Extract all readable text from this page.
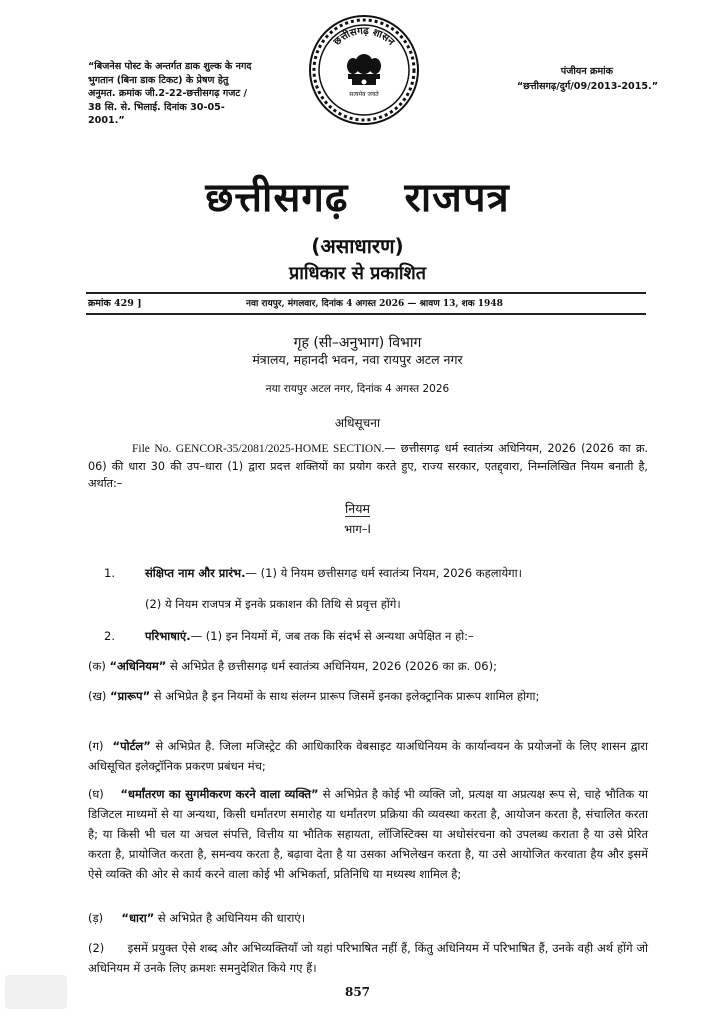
“बिजनेस पोस्ट के अन्तर्गत डाक शुल्क के नगद भुगतान (बिना डाक टिकट) के प्रेषण हेतु अनुमत. क्रमांक जी.2-22-छत्तीसगढ़ गजट / 38 सि. से. भिलाई. दिनांक 30-05-2001.”
पंजीयन क्रमांक
“छत्तीसगढ़/दुर्ग/09/2013-2015.”
छत्तीसगढ़ शासन
सत्यमेव जयते
छत्तीसगढ़ राजपत्र
(असाधारण)
प्राधिकार से प्रकाशित
क्रमांक 429 ]	नवा रायपुर, मंगलवार, दिनांक 4 अगस्त 2026 — श्रावण 13, शक 1948
गृह (सी–अनुभाग) विभाग
मंत्रालय, महानदी भवन, नवा रायपुर अटल नगर
नया रायपुर अटल नगर, दिनांक 4 अगस्त 2026
अधिसूचना
File No. GENCOR-35/2081/2025-HOME SECTION.— छत्तीसगढ़ धर्म स्वातंत्र्य अधिनियम, 2026 (2026 का क्र. 06) की धारा 30 की उप–धारा (1) द्वारा प्रदत्त शक्तियों का प्रयोग करते हुए, राज्य सरकार, एतद्द्वारा, निम्नलिखित नियम बनाती है, अर्थात:–
नियम
भाग–I
1.	संक्षिप्त नाम और प्रारंभ.— (1) ये नियम छत्तीसगढ़ धर्म स्वातंत्र्य नियम, 2026 कहलायेगा।
(2) ये नियम राजपत्र में इनके प्रकाशन की तिथि से प्रवृत्त होंगे।
2.	परिभाषाएं.— (1) इन नियमों में, जब तक कि संदर्भ से अन्यथा अपेक्षित न हो:–
(क) “अधिनियम” से अभिप्रेत है छत्तीसगढ़ धर्म स्वातंत्र्य अधिनियम, 2026 (2026 का क्र. 06);
(ख) “प्रारूप” से अभिप्रेत है इन नियमों के साथ संलग्न प्रारूप जिसमें इनका इलेक्ट्रानिक प्रारूप शामिल होगा;
(ग) “पोर्टल” से अभिप्रेत है. जिला मजिस्ट्रेट की आधिकारिक वेबसाइट याअधिनियम के कार्यान्वयन के प्रयोजनों के लिए शासन द्वारा अधिसूचित इलेक्ट्रॉनिक प्रकरण प्रबंधन मंच;
(घ) “धर्मांतरण का सुगमीकरण करने वाला व्यक्ति” से अभिप्रेत है कोई भी व्यक्ति जो, प्रत्यक्ष या अप्रत्यक्ष रूप से, चाहे भौतिक या डिजिटल माध्यमों से या अन्यथा, किसी धर्मांतरण समारोह या धर्मांतरण प्रक्रिया की व्यवस्था करता है, आयोजन करता है, संचालित करता है; या किसी भी चल या अचल संपत्ति, वित्तीय या भौतिक सहायता, लॉजिस्टिक्स या अधोसंरचना को उपलब्ध कराता है या उसे प्रेरित करता है, प्रायोजित करता है, समन्वय करता है, बढ़ावा देता है या उसका अभिलेखन करता है, या उसे आयोजित करवाता हैय और इसमें ऐसे व्यक्ति की ओर से कार्य करने वाला कोई भी अभिकर्ता, प्रतिनिधि या मध्यस्थ शामिल है;
(ड़) “धारा” से अभिप्रेत है अधिनियम की धाराएं।
(2) इसमें प्रयुक्त ऐसे शब्द और अभिव्यक्तियाँ जो यहां परिभाषित नहीं हैं, किंतु अधिनियम में परिभाषित हैं, उनके वही अर्थ होंगे जो अधिनियम में उनके लिए क्रमशः समनुदेशित किये गए हैं।
857
